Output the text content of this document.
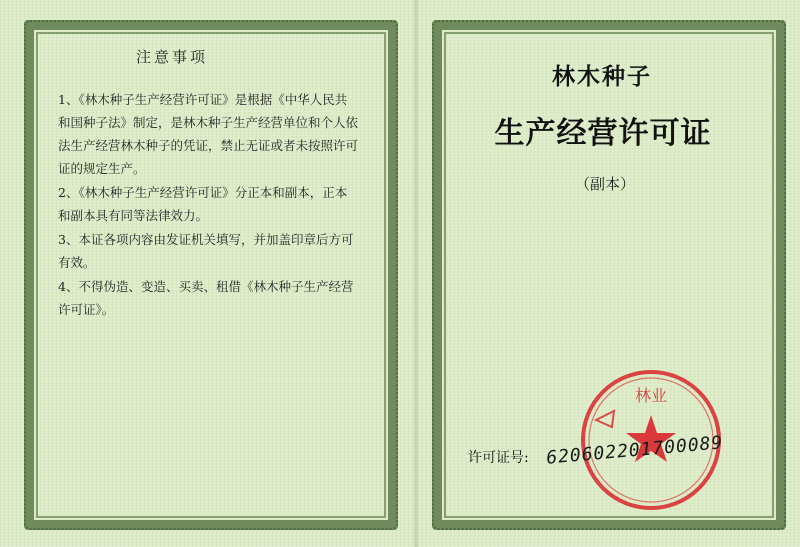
注意事项
1、《林木种子生产经营许可证》是根据《中华人民共和国种子法》制定，是林木种子生产经营单位和个人依法生产经营林木种子的凭证，禁止无证或者未按照许可证的规定生产。
2、《林木种子生产经营许可证》分正本和副本，正本和副本具有同等法律效力。
3、本证各项内容由发证机关填写，并加盖印章后方可有效。
4、不得伪造、变造、买卖、租借《林木种子生产经营许可证》。
林木种子
生产经营许可证
（副本）
林业
许可证号: 620602201700089
